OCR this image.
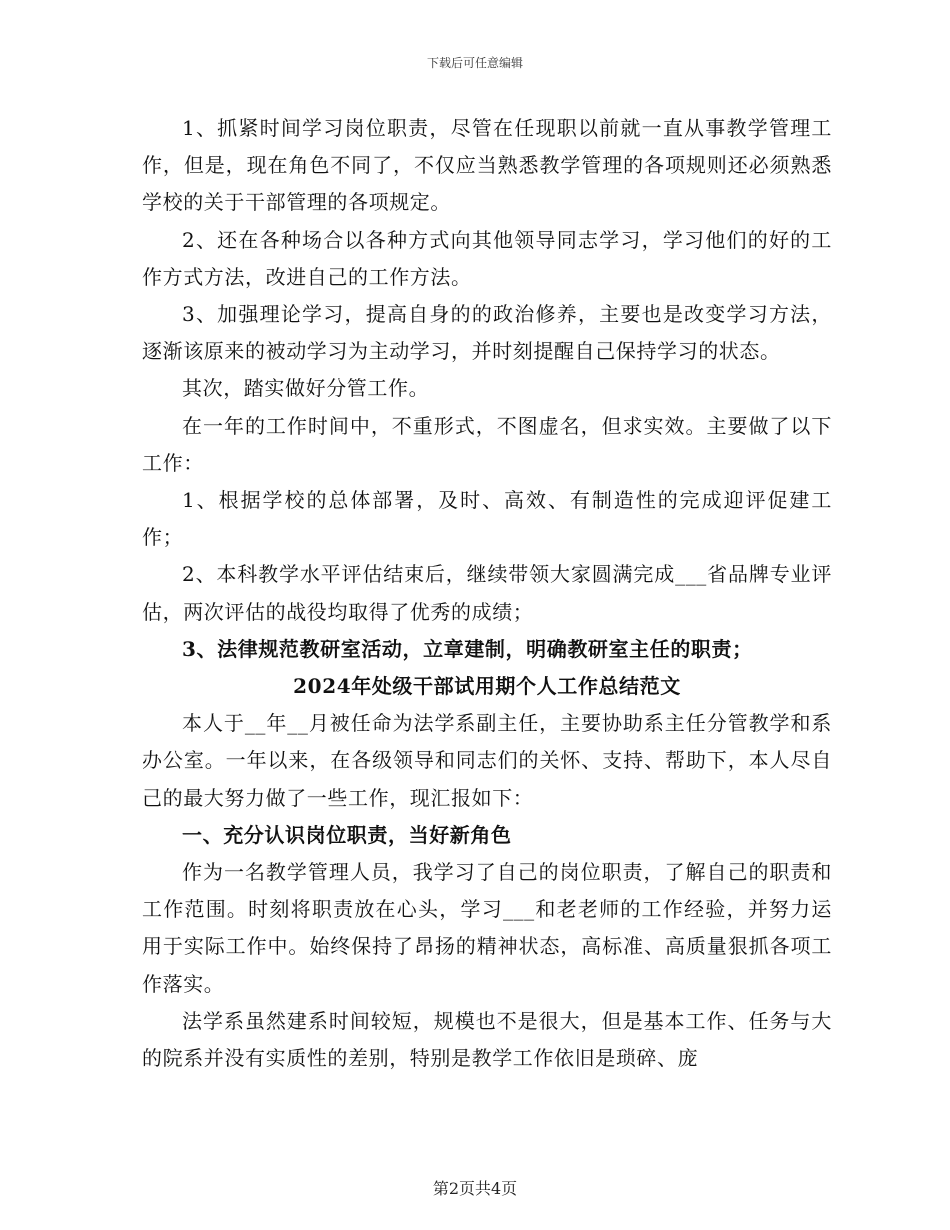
下载后可任意编辑

1、抓紧时间学习岗位职责，尽管在任现职以前就一直从事教学管理工作，但是，现在角色不同了，不仅应当熟悉教学管理的各项规则还必须熟悉学校的关于干部管理的各项规定。

2、还在各种场合以各种方式向其他领导同志学习，学习他们的好的工作方式方法，改进自己的工作方法。

3、加强理论学习，提高自身的的政治修养，主要也是改变学习方法，逐渐该原来的被动学习为主动学习，并时刻提醒自己保持学习的状态。

其次，踏实做好分管工作。

在一年的工作时间中，不重形式，不图虚名，但求实效。主要做了以下工作：

1、根据学校的总体部署，及时、高效、有制造性的完成迎评促建工作；

2、本科教学水平评估结束后，继续带领大家圆满完成___省品牌专业评估，两次评估的战役均取得了优秀的成绩；

3、法律规范教研室活动，立章建制，明确教研室主任的职责；

2024年处级干部试用期个人工作总结范文

本人于__年__月被任命为法学系副主任，主要协助系主任分管教学和系办公室。一年以来，在各级领导和同志们的关怀、支持、帮助下，本人尽自己的最大努力做了一些工作，现汇报如下：

一、充分认识岗位职责，当好新角色

作为一名教学管理人员，我学习了自己的岗位职责，了解自己的职责和工作范围。时刻将职责放在心头，学习___和老老师的工作经验，并努力运用于实际工作中。始终保持了昂扬的精神状态，高标准、高质量狠抓各项工作落实。

法学系虽然建系时间较短，规模也不是很大，但是基本工作、任务与大的院系并没有实质性的差别，特别是教学工作依旧是琐碎、庞

第2页共4页
